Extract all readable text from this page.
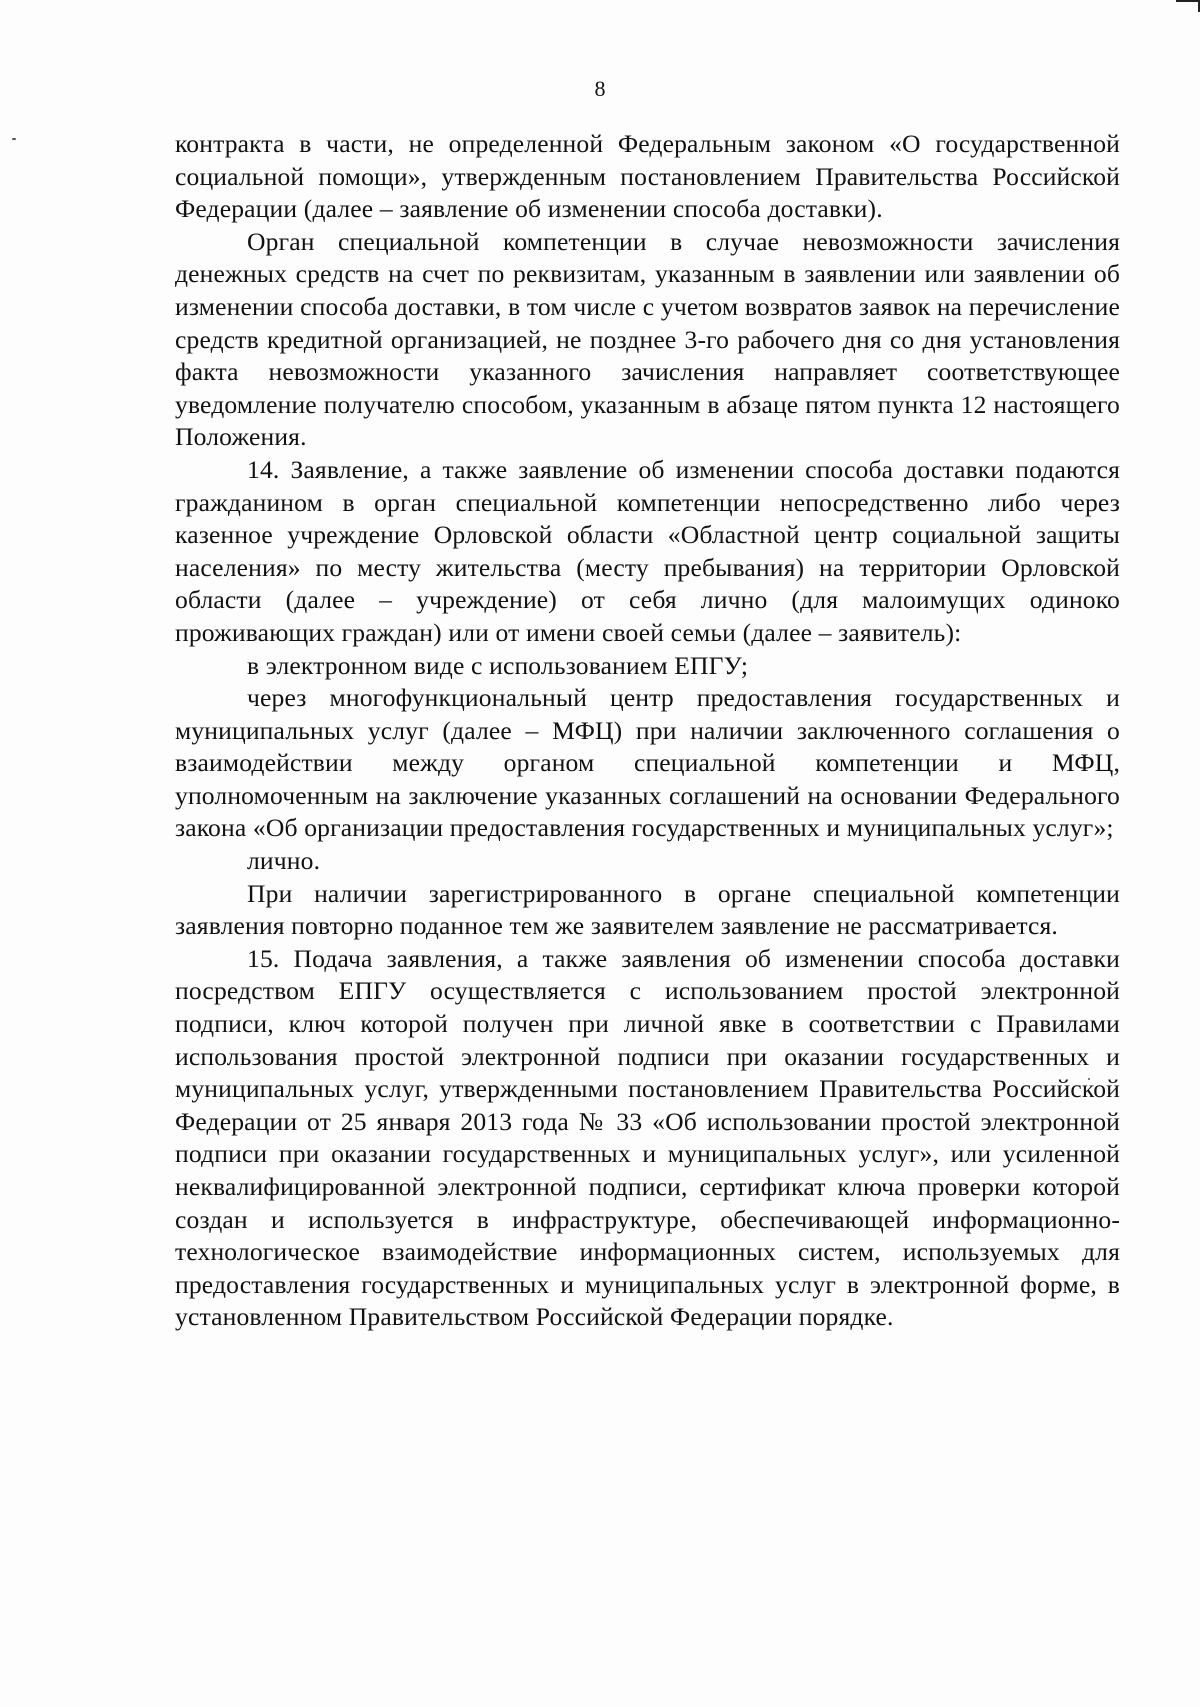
8

контракта в части, не определенной Федеральным законом «О государственной социальной помощи», утвержденным постановлением Правительства Российской Федерации (далее – заявление об изменении способа доставки).

Орган специальной компетенции в случае невозможности зачисления денежных средств на счет по реквизитам, указанным в заявлении или заявлении об изменении способа доставки, в том числе с учетом возвратов заявок на перечисление средств кредитной организацией, не позднее 3-го рабочего дня со дня установления факта невозможности указанного зачисления направляет соответствующее уведомление получателю способом, указанным в абзаце пятом пункта 12 настоящего Положения.

14. Заявление, а также заявление об изменении способа доставки подаются гражданином в орган специальной компетенции непосредственно либо через казенное учреждение Орловской области «Областной центр социальной защиты населения» по месту жительства (месту пребывания) на территории Орловской области (далее – учреждение) от себя лично (для малоимущих одиноко проживающих граждан) или от имени своей семьи (далее – заявитель):

в электронном виде с использованием ЕПГУ;

через многофункциональный центр предоставления государственных и муниципальных услуг (далее – МФЦ) при наличии заключенного соглашения о взаимодействии между органом специальной компетенции и МФЦ, уполномоченным на заключение указанных соглашений на основании Федерального закона «Об организации предоставления государственных и муниципальных услуг»;

лично.

При наличии зарегистрированного в органе специальной компетенции заявления повторно поданное тем же заявителем заявление не рассматривается.

15. Подача заявления, а также заявления об изменении способа доставки посредством ЕПГУ осуществляется с использованием простой электронной подписи, ключ которой получен при личной явке в соответствии с Правилами использования простой электронной подписи при оказании государственных и муниципальных услуг, утвержденными постановлением Правительства Российской Федерации от 25 января 2013 года № 33 «Об использовании простой электронной подписи при оказании государственных и муниципальных услуг», или усиленной неквалифицированной электронной подписи, сертификат ключа проверки которой создан и используется в инфраструктуре, обеспечивающей информационно-технологическое взаимодействие информационных систем, используемых для предоставления государственных и муниципальных услуг в электронной форме, в установленном Правительством Российской Федерации порядке.
